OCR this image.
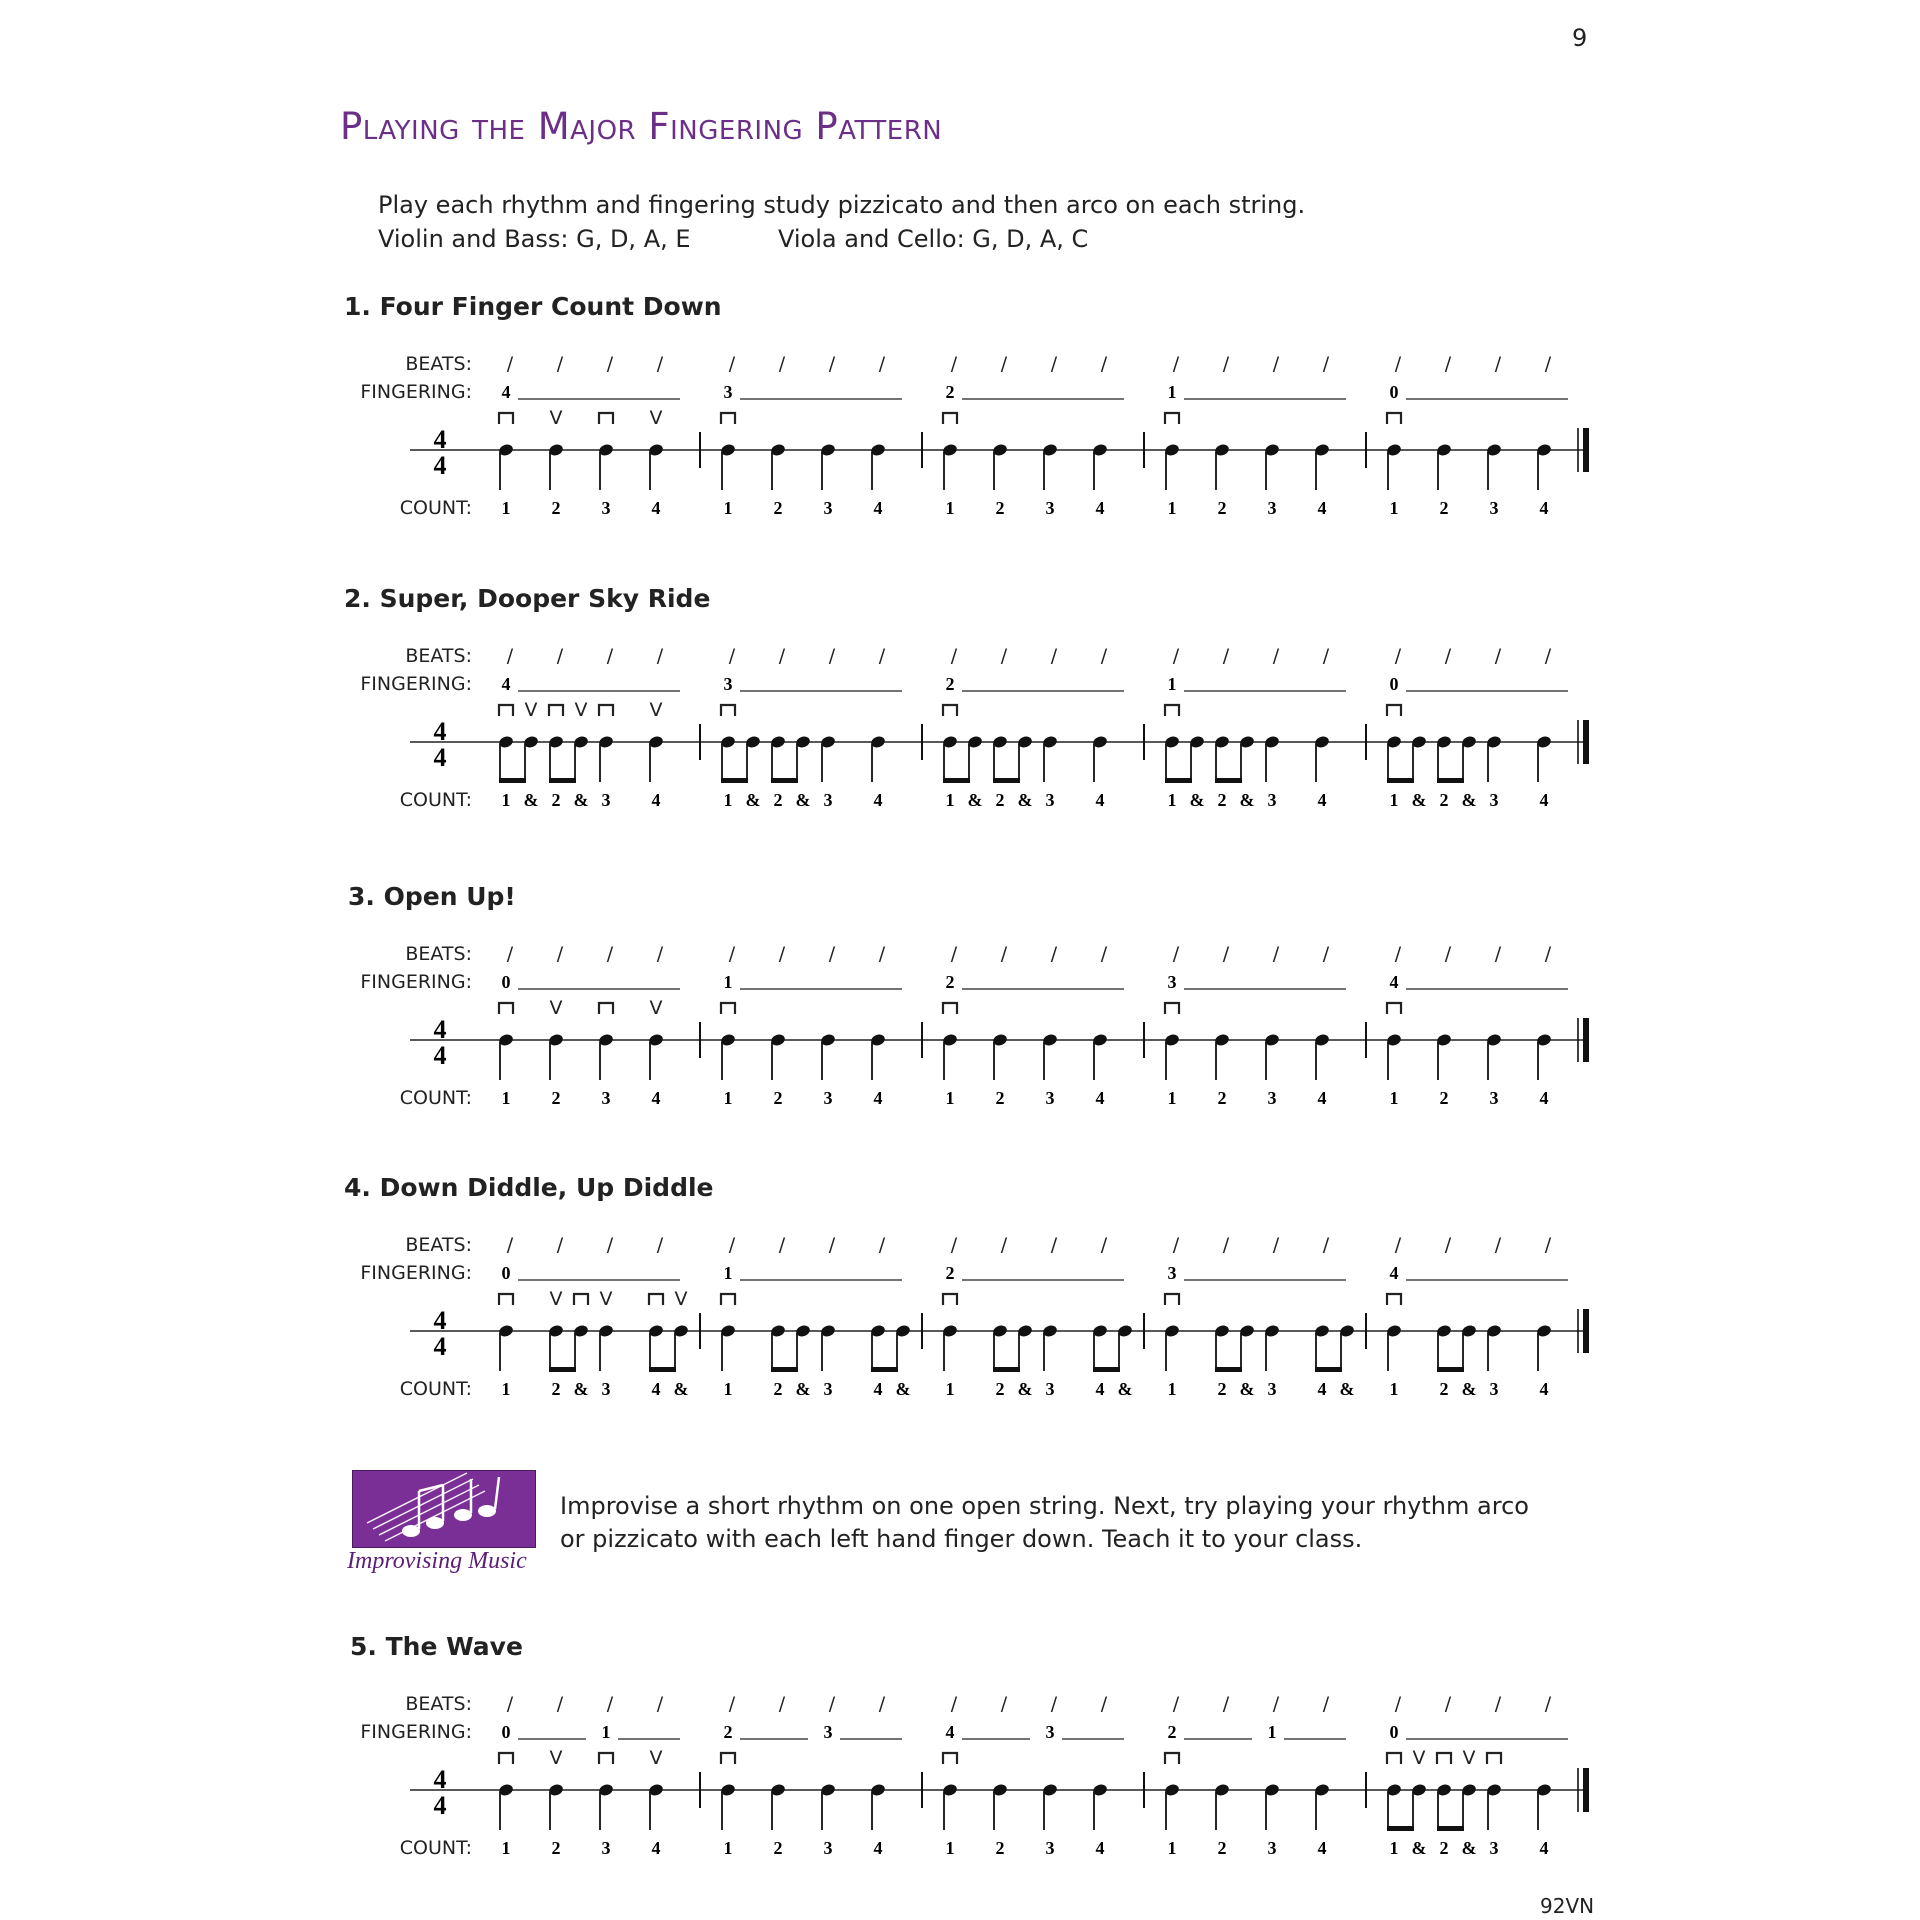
9
Playing the Major Fingering Pattern
Play each rhythm and fingering study pizzicato and then arco on each string.
Violin and Bass: G, D, A, E	Viola and Cello: G, D, A, C
1. Four Finger Count Down
BEATS:
FINGERING:
COUNT:
4
4
/ / / /
4
V	V
1 2 3 4
/ / / /
3
1 2 3 4
/ / / /
2
1 2 3 4
/ / / /
1
1 2 3 4
/ / / /
0
1 2 3 4
2. Super, Dooper Sky Ride
BEATS:
FINGERING:
COUNT:
4
4
/ / / /
4
V V	V
1 & 2 & 3 4
/ / / /
3
1 & 2 & 3 4
/ / / /
2
1 & 2 & 3 4
/ / / /
1
1 & 2 & 3 4
/ / / /
0
1 & 2 & 3 4
3. Open Up!
BEATS:
FINGERING:
COUNT:
4
4
/ / / /
0
V	V
1 2 3 4
/ / / /
1
1 2 3 4
/ / / /
2
1 2 3 4
/ / / /
3
1 2 3 4
/ / / /
4
1 2 3 4
4. Down Diddle, Up Diddle
BEATS:
FINGERING:
COUNT:
4
4
/ / / /
0
V V	V
1 2 & 3 4 &
/ / / /
1
1 2 & 3 4 &
/ / / /
2
1 2 & 3 4 &
/ / / /
3
1 2 & 3 4 &
/ / / /
4
1 2 & 3 4
5. The Wave
BEATS:
FINGERING:
COUNT:
4
4
/ / / /
0	1
V	V
1 2 3 4
/ / / /
2	3
1 2 3 4
/ / / /
4	3
1 2 3 4
/ / / /
2	1
1 2 3 4
/ / / /
0
V V
1 & 2 & 3 4
Improvising Music
Improvise a short rhythm on one open string. Next, try playing your rhythm arco or pizzicato with each left hand finger down. Teach it to your class.
92VN
